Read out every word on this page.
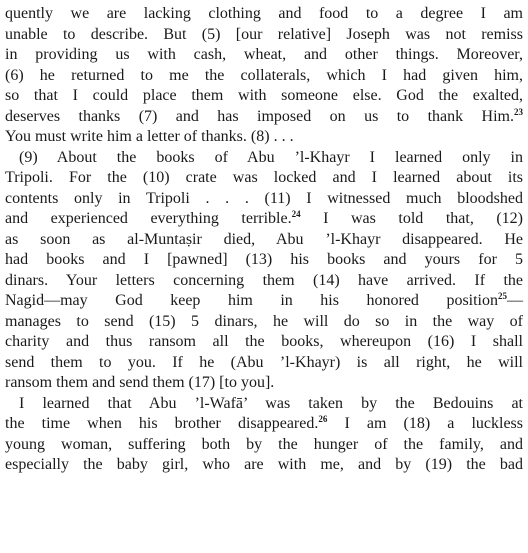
quently we are lacking clothing and food to a degree I am
unable to describe. But (5) [our relative] Joseph was not remiss
in providing us with cash, wheat, and other things. Moreover,
(6) he returned to me the collaterals, which I had given him,
so that I could place them with someone else. God the exalted,
deserves thanks (7) and has imposed on us to thank Him.$^{23}$
You must write him a letter of thanks. (8) . . .
(9) About the books of Abu ’l-Khayr I learned only in
Tripoli. For the (10) crate was locked and I learned about its
contents only in Tripoli . . . (11) I witnessed much bloodshed
and experienced everything terrible.$^{24}$ I was told that, (12)
as soon as al-Muntaṣir died, Abu ’l-Khayr disappeared. He
had books and I [pawned] (13) his books and yours for 5
dinars. Your letters concerning them (14) have arrived. If the
Nagid—may God keep him in his honored position$^{25}$—
manages to send (15) 5 dinars, he will do so in the way of
charity and thus ransom all the books, whereupon (16) I shall
send them to you. If he (Abu ’l-Khayr) is all right, he will
ransom them and send them (17) [to you].
I learned that Abu ’l-Wafā’ was taken by the Bedouins at
the time when his brother disappeared.$^{26}$ I am (18) a luckless
young woman, suffering both by the hunger of the family, and
especially the baby girl, who are with me, and by (19) the bad
